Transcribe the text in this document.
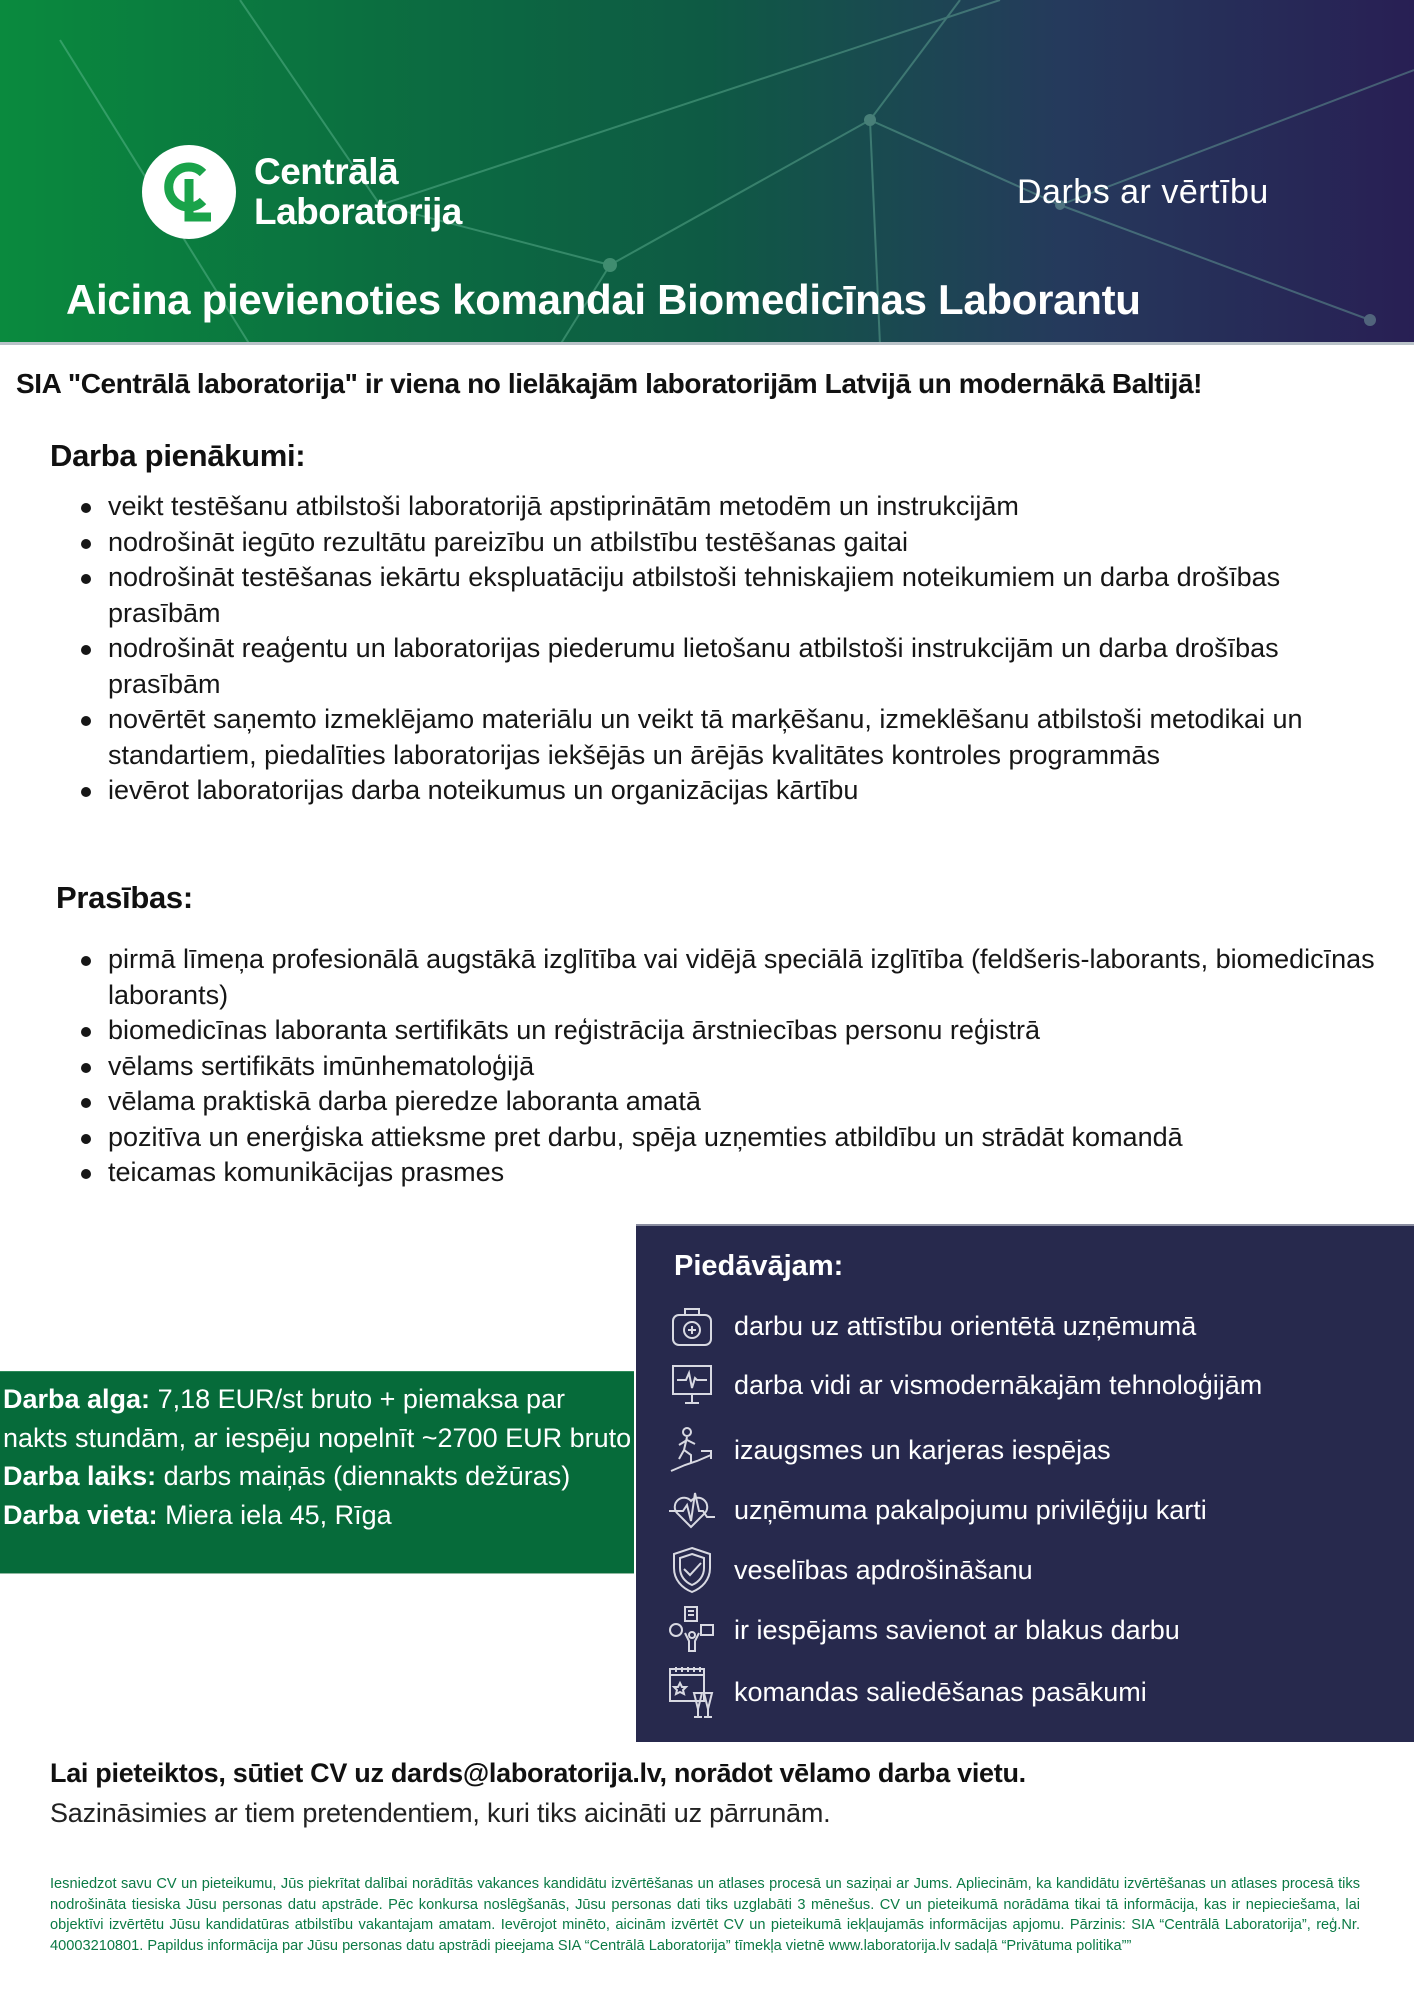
Centrālā
Laboratorija	Darbs ar vērtību
Aicina pievienoties komandai Biomedicīnas Laborantu
SIA "Centrālā laboratorija" ir viena no lielākajām laboratorijām Latvijā un modernākā Baltijā!
Darba pienākumi:
veikt testēšanu atbilstoši laboratorijā apstiprinātām metodēm un instrukcijām
nodrošināt iegūto rezultātu pareizību un atbilstību testēšanas gaitai
nodrošināt testēšanas iekārtu ekspluatāciju atbilstoši tehniskajiem noteikumiem un darba drošības prasībām
nodrošināt reaģentu un laboratorijas piederumu lietošanu atbilstoši instrukcijām un darba drošības prasībām
novērtēt saņemto izmeklējamo materiālu un veikt tā marķēšanu, izmeklēšanu atbilstoši metodikai un standartiem, piedalīties laboratorijas iekšējās un ārējās kvalitātes kontroles programmās
ievērot laboratorijas darba noteikumus un organizācijas kārtību
Prasības:
pirmā līmeņa profesionālā augstākā izglītība vai vidējā speciālā izglītība (feldšeris-laborants, biomedicīnas laborants)
biomedicīnas laboranta sertifikāts un reģistrācija ārstniecības personu reģistrā
vēlams sertifikāts imūnhematoloģijā
vēlama praktiskā darba pieredze laboranta amatā
pozitīva un enerģiska attieksme pret darbu, spēja uzņemties atbildību un strādāt komandā
teicamas komunikācijas prasmes
Darba alga: 7,18 EUR/st bruto + piemaksa par nakts stundām, ar iespēju nopelnīt ~2700 EUR bruto
Darba laiks: darbs maiņās (diennakts dežūras)
Darba vieta: Miera iela 45, Rīga
Piedāvājam:
darbu uz attīstību orientētā uzņēmumā
darba vidi ar vismodernākajām tehnoloģijām
izaugsmes un karjeras iespējas
uzņēmuma pakalpojumu privilēģiju karti
veselības apdrošināšanu
ir iespējams savienot ar blakus darbu
komandas saliedēšanas pasākumi
Lai pieteiktos, sūtiet CV uz dards@laboratorija.lv, norādot vēlamo darba vietu.
Sazināsimies ar tiem pretendentiem, kuri tiks aicināti uz pārrunām.

Iesniedzot savu CV un pieteikumu, Jūs piekrītat dalībai norādītās vakances kandidātu izvērtēšanas un atlases procesā un saziņai ar Jums. Apliecinām, ka kandidātu izvērtēšanas un atlases procesā tiks nodrošināta tiesiska Jūsu personas datu apstrāde. Pēc konkursa noslēgšanās, Jūsu personas dati tiks uzglabāti 3 mēnešus. CV un pieteikumā norādāma tikai tā informācija, kas ir nepieciešama, lai objektīvi izvērtētu Jūsu kandidatūras atbilstību vakantajam amatam. Ievērojot minēto, aicinām izvērtēt CV un pieteikumā iekļaujamās informācijas apjomu. Pārzinis: SIA “Centrālā Laboratorija”, reģ.Nr. 40003210801. Papildus informācija par Jūsu personas datu apstrādi pieejama SIA “Centrālā Laboratorija” tīmekļa vietnē www.laboratorija.lv sadaļā “Privātuma politika””
